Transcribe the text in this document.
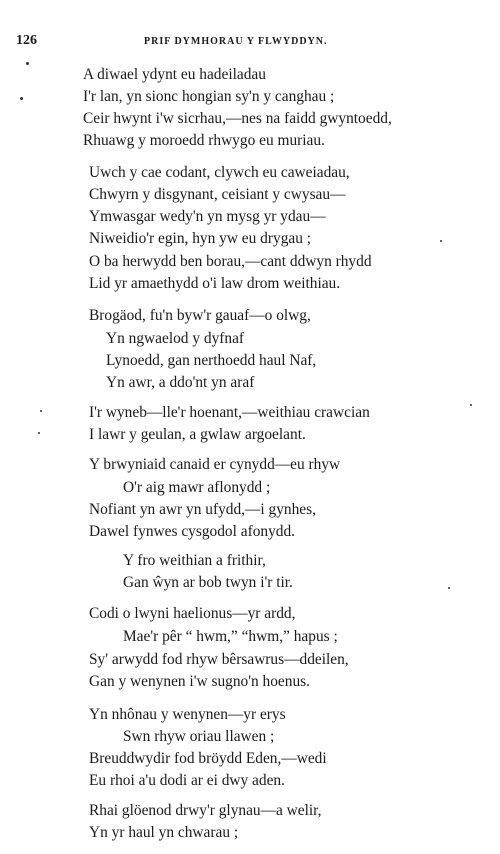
126	PRIF DYMHORAU Y FLWYDDYN.
A diwael ydynt eu hadeiladau
I'r lan, yn sionc hongian sy'n y canghau ;
Ceir hwynt i'w sicrhau,—nes na faidd gwyntoedd,
Rhuawg y moroedd rhwygo eu muriau.
Uwch y cae codant, clywch eu caweiadau,
Chwyrn y disgynant, ceisiant y cwysau—
Ymwasgar wedy'n yn mysg yr ydau—
Niweidio'r egin, hyn yw eu drygau ;
O ba herwydd ben borau,—cant ddwyn rhydd
Lid yr amaethydd o'i law drom weithiau.
Brogäod, fu'n byw'r gauaf—o olwg,
Yn ngwaelod y dyfnaf
Lynoedd, gan nerthoedd haul Naf,
Yn awr, a ddo'nt yn araf
I'r wyneb—lle'r hoenant,—weithiau crawcian
I lawr y geulan, a gwlaw argoelant.
Y brwyniaid canaid er cynydd—eu rhyw
O'r aig mawr aflonydd ;
Nofiant yn awr yn ufydd,—i gynhes,
Dawel fynwes cysgodol afonydd.
Y fro weithian a frithir,
Gan ŵyn ar bob twyn i'r tir.
Codi o lwyni haelionus—yr ardd,
Mae'r pêr “ hwm,” “hwm,” hapus ;
Sy' arwydd fod rhyw bêrsawrus—ddeilen,
Gan y wenynen i'w sugno'n hoenus.
Yn nhônau y wenynen—yr erys
Swn rhyw oriau llawen ;
Breuddwydir fod bröydd Eden,—wedi
Eu rhoi a'u dodi ar ei dwy aden.
Rhai glöenod drwy'r glynau—a welir,
Yn yr haul yn chwarau ;
